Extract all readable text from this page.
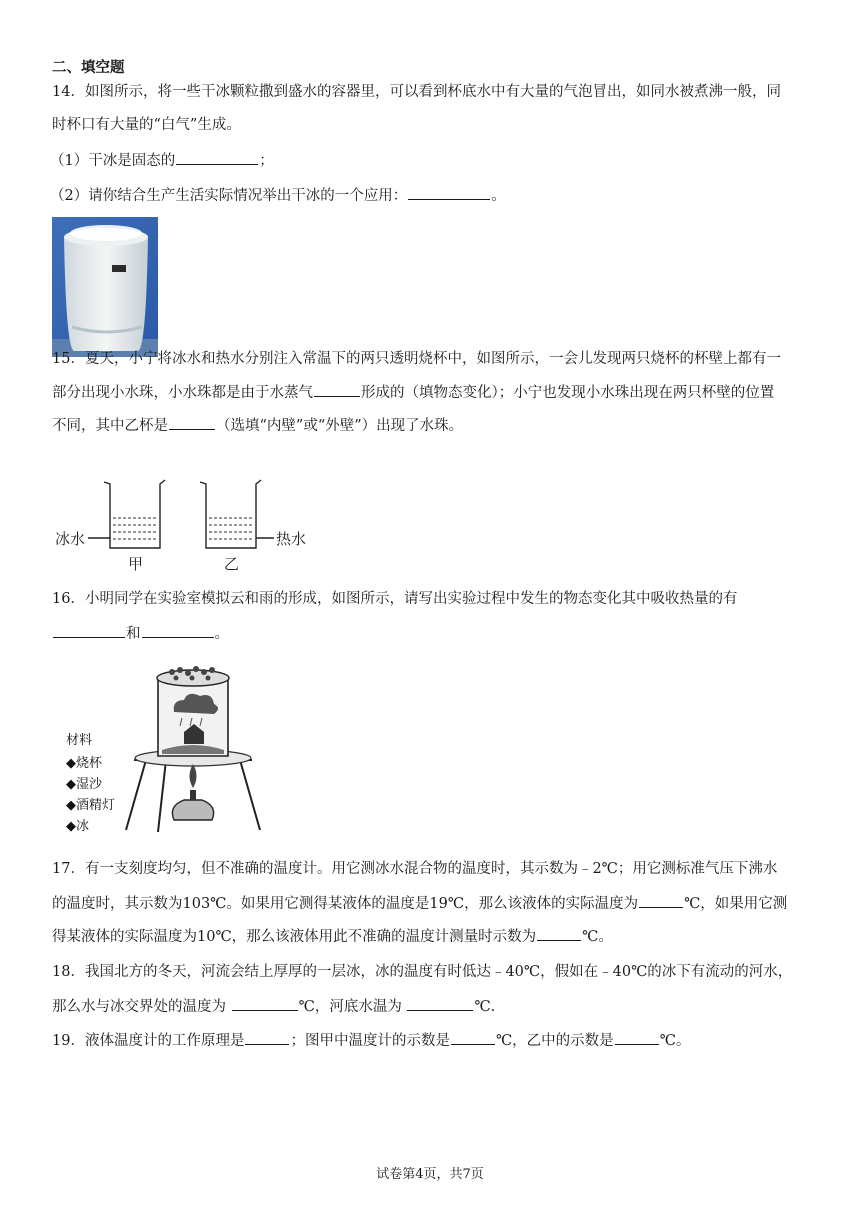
二、填空题
14．如图所示，将一些干冰颗粒撒到盛水的容器里，可以看到杯底水中有大量的气泡冒出，如同水被煮沸一般，同
时杯口有大量的“白气”生成。
（1）干冰是固态的	；
（2）请你结合生产生活实际情况举出干冰的一个应用：	。
15．夏天，小宁将冰水和热水分别注入常温下的两只透明烧杯中，如图所示，一会儿发现两只烧杯的杯壁上都有一
部分出现小水珠，小水珠都是由于水蒸气	形成的（填物态变化）；小宁也发现小水珠出现在两只杯壁的位置
不同，其中乙杯是	（选填“内壁”或“外壁”）出现了水珠。
冰水	热水
甲	乙
16．小明同学在实验室模拟云和雨的形成，如图所示，请写出实验过程中发生的物态变化其中吸收热量的有
和	。
材料
◆烧杯
◆湿沙
◆酒精灯
◆冰
17．有一支刻度均匀，但不准确的温度计。用它测冰水混合物的温度时，其示数为﹣2℃；用它测标准气压下沸水
的温度时，其示数为103℃。如果用它测得某液体的温度是19℃，那么该液体的实际温度为	℃，如果用它测
得某液体的实际温度为10℃，那么该液体用此不准确的温度计测量时示数为	℃。
18．我国北方的冬天，河流会结上厚厚的一层冰，冰的温度有时低达﹣40℃，假如在﹣40℃的冰下有流动的河水，
那么水与冰交界处的温度为	℃，河底水温为	℃.
19．液体温度计的工作原理是	；图甲中温度计的示数是	℃，乙中的示数是	℃。
试卷第4页，共7页
